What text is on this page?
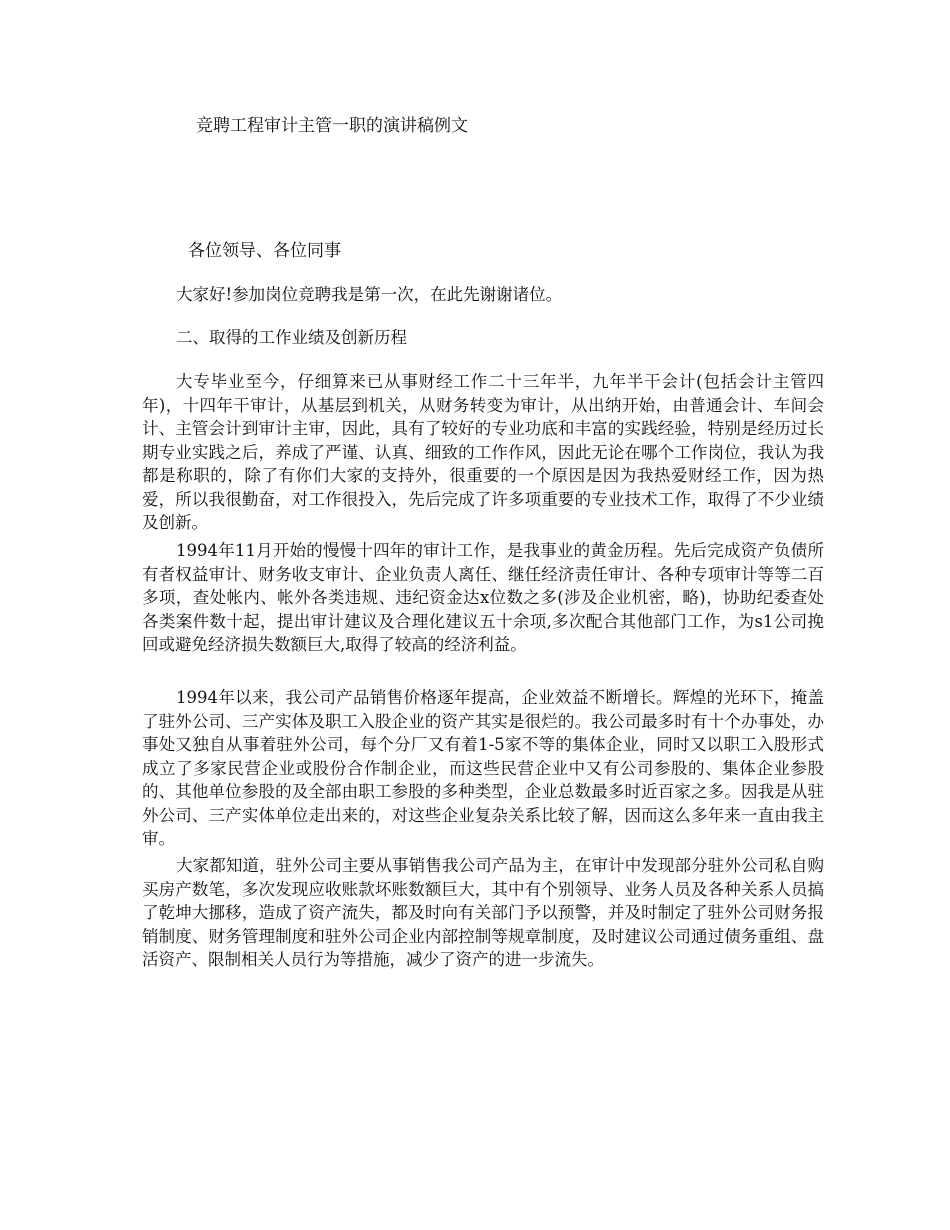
竞聘工程审计主管一职的演讲稿例文
各位领导、各位同事
大家好!参加岗位竞聘我是第一次，在此先谢谢诸位。
二、取得的工作业绩及创新历程
大专毕业至今，仔细算来已从事财经工作二十三年半，九年半干会计(包括会计主管四年)，十四年干审计，从基层到机关，从财务转变为审计，从出纳开始，由普通会计、车间会计、主管会计到审计主审，因此，具有了较好的专业功底和丰富的实践经验，特别是经历过长期专业实践之后，养成了严谨、认真、细致的工作作风，因此无论在哪个工作岗位，我认为我都是称职的，除了有你们大家的支持外，很重要的一个原因是因为我热爱财经工作，因为热爱，所以我很勤奋，对工作很投入，先后完成了许多项重要的专业技术工作，取得了不少业绩及创新。
1994年11月开始的慢慢十四年的审计工作，是我事业的黄金历程。先后完成资产负债所有者权益审计、财务收支审计、企业负责人离任、继任经济责任审计、各种专项审计等等二百多项，查处帐内、帐外各类违规、违纪资金达x位数之多(涉及企业机密，略)，协助纪委查处各类案件数十起，提出审计建议及合理化建议五十余项,多次配合其他部门工作，为s1公司挽回或避免经济损失数额巨大,取得了较高的经济利益。
1994年以来，我公司产品销售价格逐年提高，企业效益不断增长。辉煌的光环下，掩盖了驻外公司、三产实体及职工入股企业的资产其实是很烂的。我公司最多时有十个办事处，办事处又独自从事着驻外公司，每个分厂又有着1-5家不等的集体企业，同时又以职工入股形式成立了多家民营企业或股份合作制企业，而这些民营企业中又有公司参股的、集体企业参股的、其他单位参股的及全部由职工参股的多种类型，企业总数最多时近百家之多。因我是从驻外公司、三产实体单位走出来的，对这些企业复杂关系比较了解，因而这么多年来一直由我主审。
大家都知道，驻外公司主要从事销售我公司产品为主，在审计中发现部分驻外公司私自购买房产数笔，多次发现应收账款坏账数额巨大，其中有个别领导、业务人员及各种关系人员搞了乾坤大挪移，造成了资产流失，都及时向有关部门予以预警，并及时制定了驻外公司财务报销制度、财务管理制度和驻外公司企业内部控制等规章制度，及时建议公司通过债务重组、盘活资产、限制相关人员行为等措施，减少了资产的进一步流失。
